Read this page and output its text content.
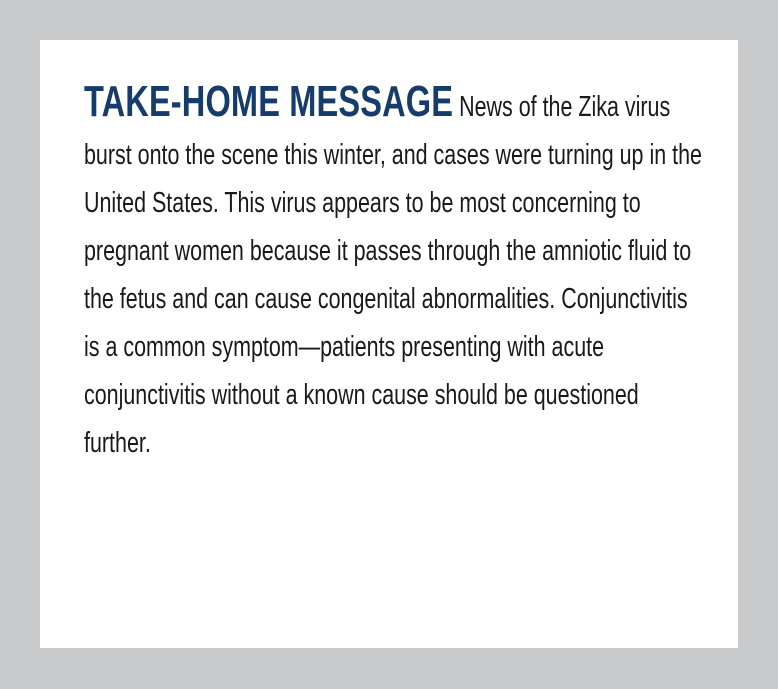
TAKE-HOME MESSAGE News of the Zika virus burst onto the scene this winter, and cases were turning up in the United States. This virus appears to be most concerning to pregnant women because it passes through the amniotic fluid to the fetus and can cause congenital abnormalities. Conjunctivitis is a common symptom—patients presenting with acute conjunctivitis without a known cause should be questioned further.
